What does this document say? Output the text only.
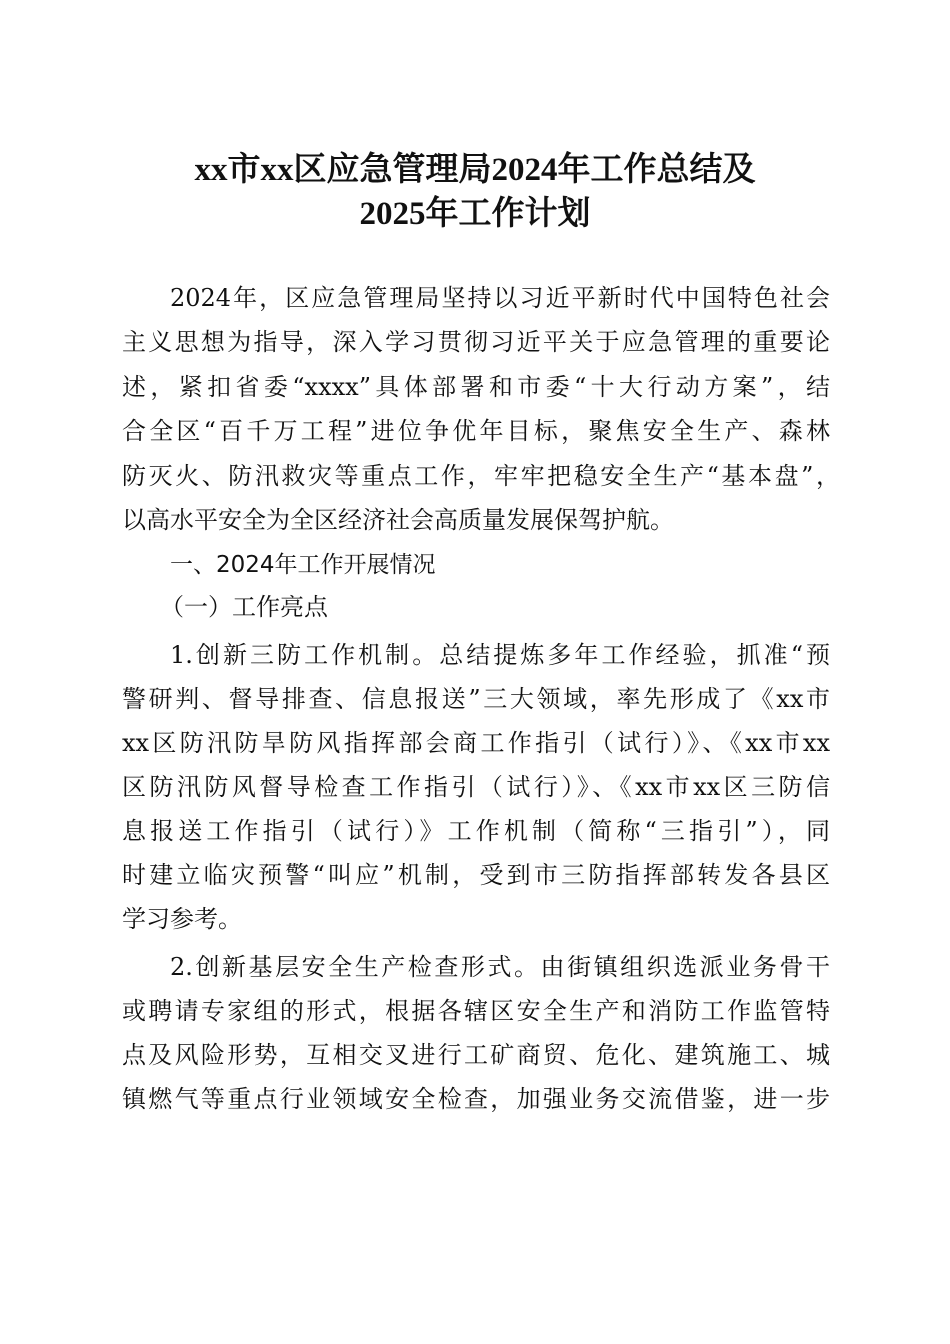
xx市xx区应急管理局2024年工作总结及
2025年工作计划
2024年，区应急管理局坚持以习近平新时代中国特色社会
主义思想为指导，深入学习贯彻习近平关于应急管理的重要论
述，紧扣省委“xxxx”具体部署和市委“十大行动方案”，结
合全区“百千万工程”进位争优年目标，聚焦安全生产、森林
防灭火、防汛救灾等重点工作，牢牢把稳安全生产“基本盘”，
以高水平安全为全区经济社会高质量发展保驾护航。
一、2024年工作开展情况
（一）工作亮点
1.创新三防工作机制。总结提炼多年工作经验，抓准“预
警研判、督导排查、信息报送”三大领域，率先形成了《xx市
xx区防汛防旱防风指挥部会商工作指引（试行）》、《xx市xx
区防汛防风督导检查工作指引（试行）》、《xx市xx区三防信
息报送工作指引（试行）》工作机制（简称“三指引”），同
时建立临灾预警“叫应”机制，受到市三防指挥部转发各县区
学习参考。
2.创新基层安全生产检查形式。由街镇组织选派业务骨干
或聘请专家组的形式，根据各辖区安全生产和消防工作监管特
点及风险形势，互相交叉进行工矿商贸、危化、建筑施工、城
镇燃气等重点行业领域安全检查，加强业务交流借鉴，进一步
